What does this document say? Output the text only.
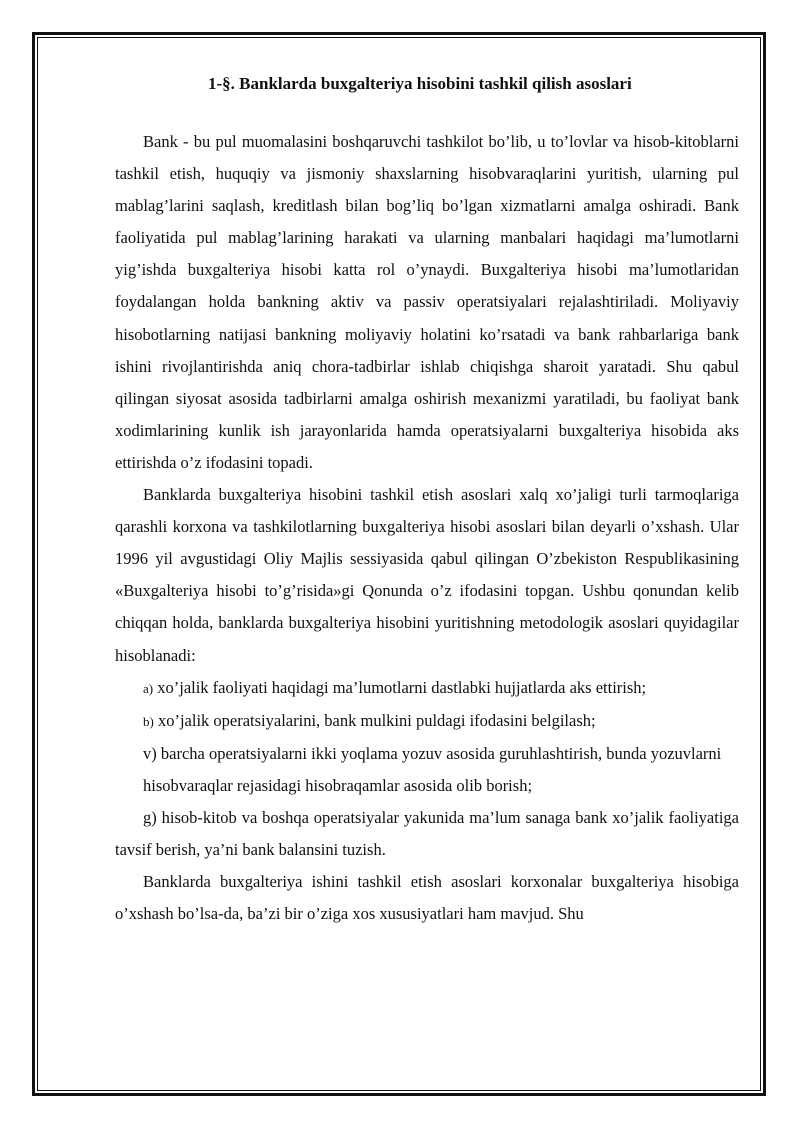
1-§. Banklarda buxgalteriya hisobini tashkil qilish asoslari

Bank - bu pul muomalasini boshqaruvchi tashkilot bo’lib, u to’lovlar va hisob-kitoblarni tashkil etish, huquqiy va jismoniy shaxslarning hisobvaraqlarini yuritish, ularning pul mablag’larini saqlash, kreditlash bilan bog’liq bo’lgan xizmatlarni amalga oshiradi. Bank faoliyatida pul mablag’larining harakati va ularning manbalari haqidagi ma’lumotlarni yig’ishda buxgalteriya hisobi katta rol o’ynaydi. Buxgalteriya hisobi ma’lumotlaridan foydalangan holda bankning aktiv va passiv operatsiyalari rejalashtiriladi. Moliyaviy hisobotlarning natijasi bankning moliyaviy holatini ko’rsatadi va bank rahbarlariga bank ishini rivojlantirishda aniq chora-tadbirlar ishlab chiqishga sharoit yaratadi. Shu qabul qilingan siyosat asosida tadbirlarni amalga oshirish mexanizmi yaratiladi, bu faoliyat bank xodimlarining kunlik ish jarayonlarida hamda operatsiyalarni buxgalteriya hisobida aks ettirishda o’z ifodasini topadi.

Banklarda buxgalteriya hisobini tashkil etish asoslari xalq xo’jaligi turli tarmoqlariga qarashli korxona va tashkilotlarning buxgalteriya hisobi asoslari bilan deyarli o’xshash. Ular 1996 yil avgustidagi Oliy Majlis sessiyasida qabul qilingan O’zbekiston Respublikasining «Buxgalteriya hisobi to’g’risida»gi Qonunda o’z ifodasini topgan. Ushbu qonundan kelib chiqqan holda, banklarda buxgalteriya hisobini yuritishning metodologik asoslari quyidagilar hisoblanadi:

a) xo’jalik faoliyati haqidagi ma’lumotlarni dastlabki hujjatlarda aks ettirish;

b) xo’jalik operatsiyalarini, bank mulkini puldagi ifodasini belgilash;

v) barcha operatsiyalarni ikki yoqlama yozuv asosida guruhlashtirish, bunda yozuvlarni

hisobvaraqlar rejasidagi hisobraqamlar asosida olib borish;

g) hisob-kitob va boshqa operatsiyalar yakunida ma’lum sanaga bank xo’jalik faoliyatiga tavsif berish, ya’ni bank balansini tuzish.

Banklarda buxgalteriya ishini tashkil etish asoslari korxonalar buxgalteriya hisobiga o’xshash bo’lsa-da, ba’zi bir o’ziga xos xususiyatlari ham mavjud. Shu
